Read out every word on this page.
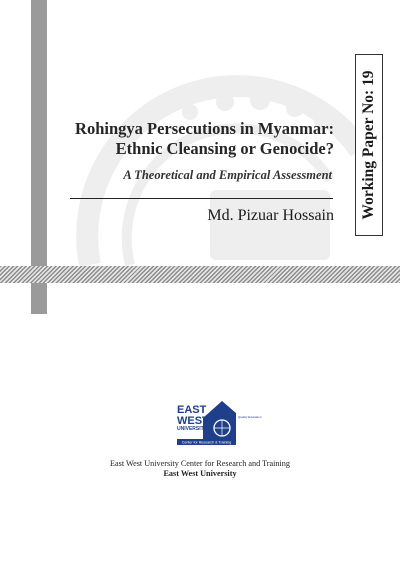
Rohingya Persecutions in Myanmar:
Ethnic Cleansing or Genocide?
A Theoretical and Empirical Assessment
Md. Pizuar Hossain Working Paper No: 19
Quality Education
EAST
WEST
UNIVERSITY
Center for Research & Training
East West University Center for Research and Training
East West University
